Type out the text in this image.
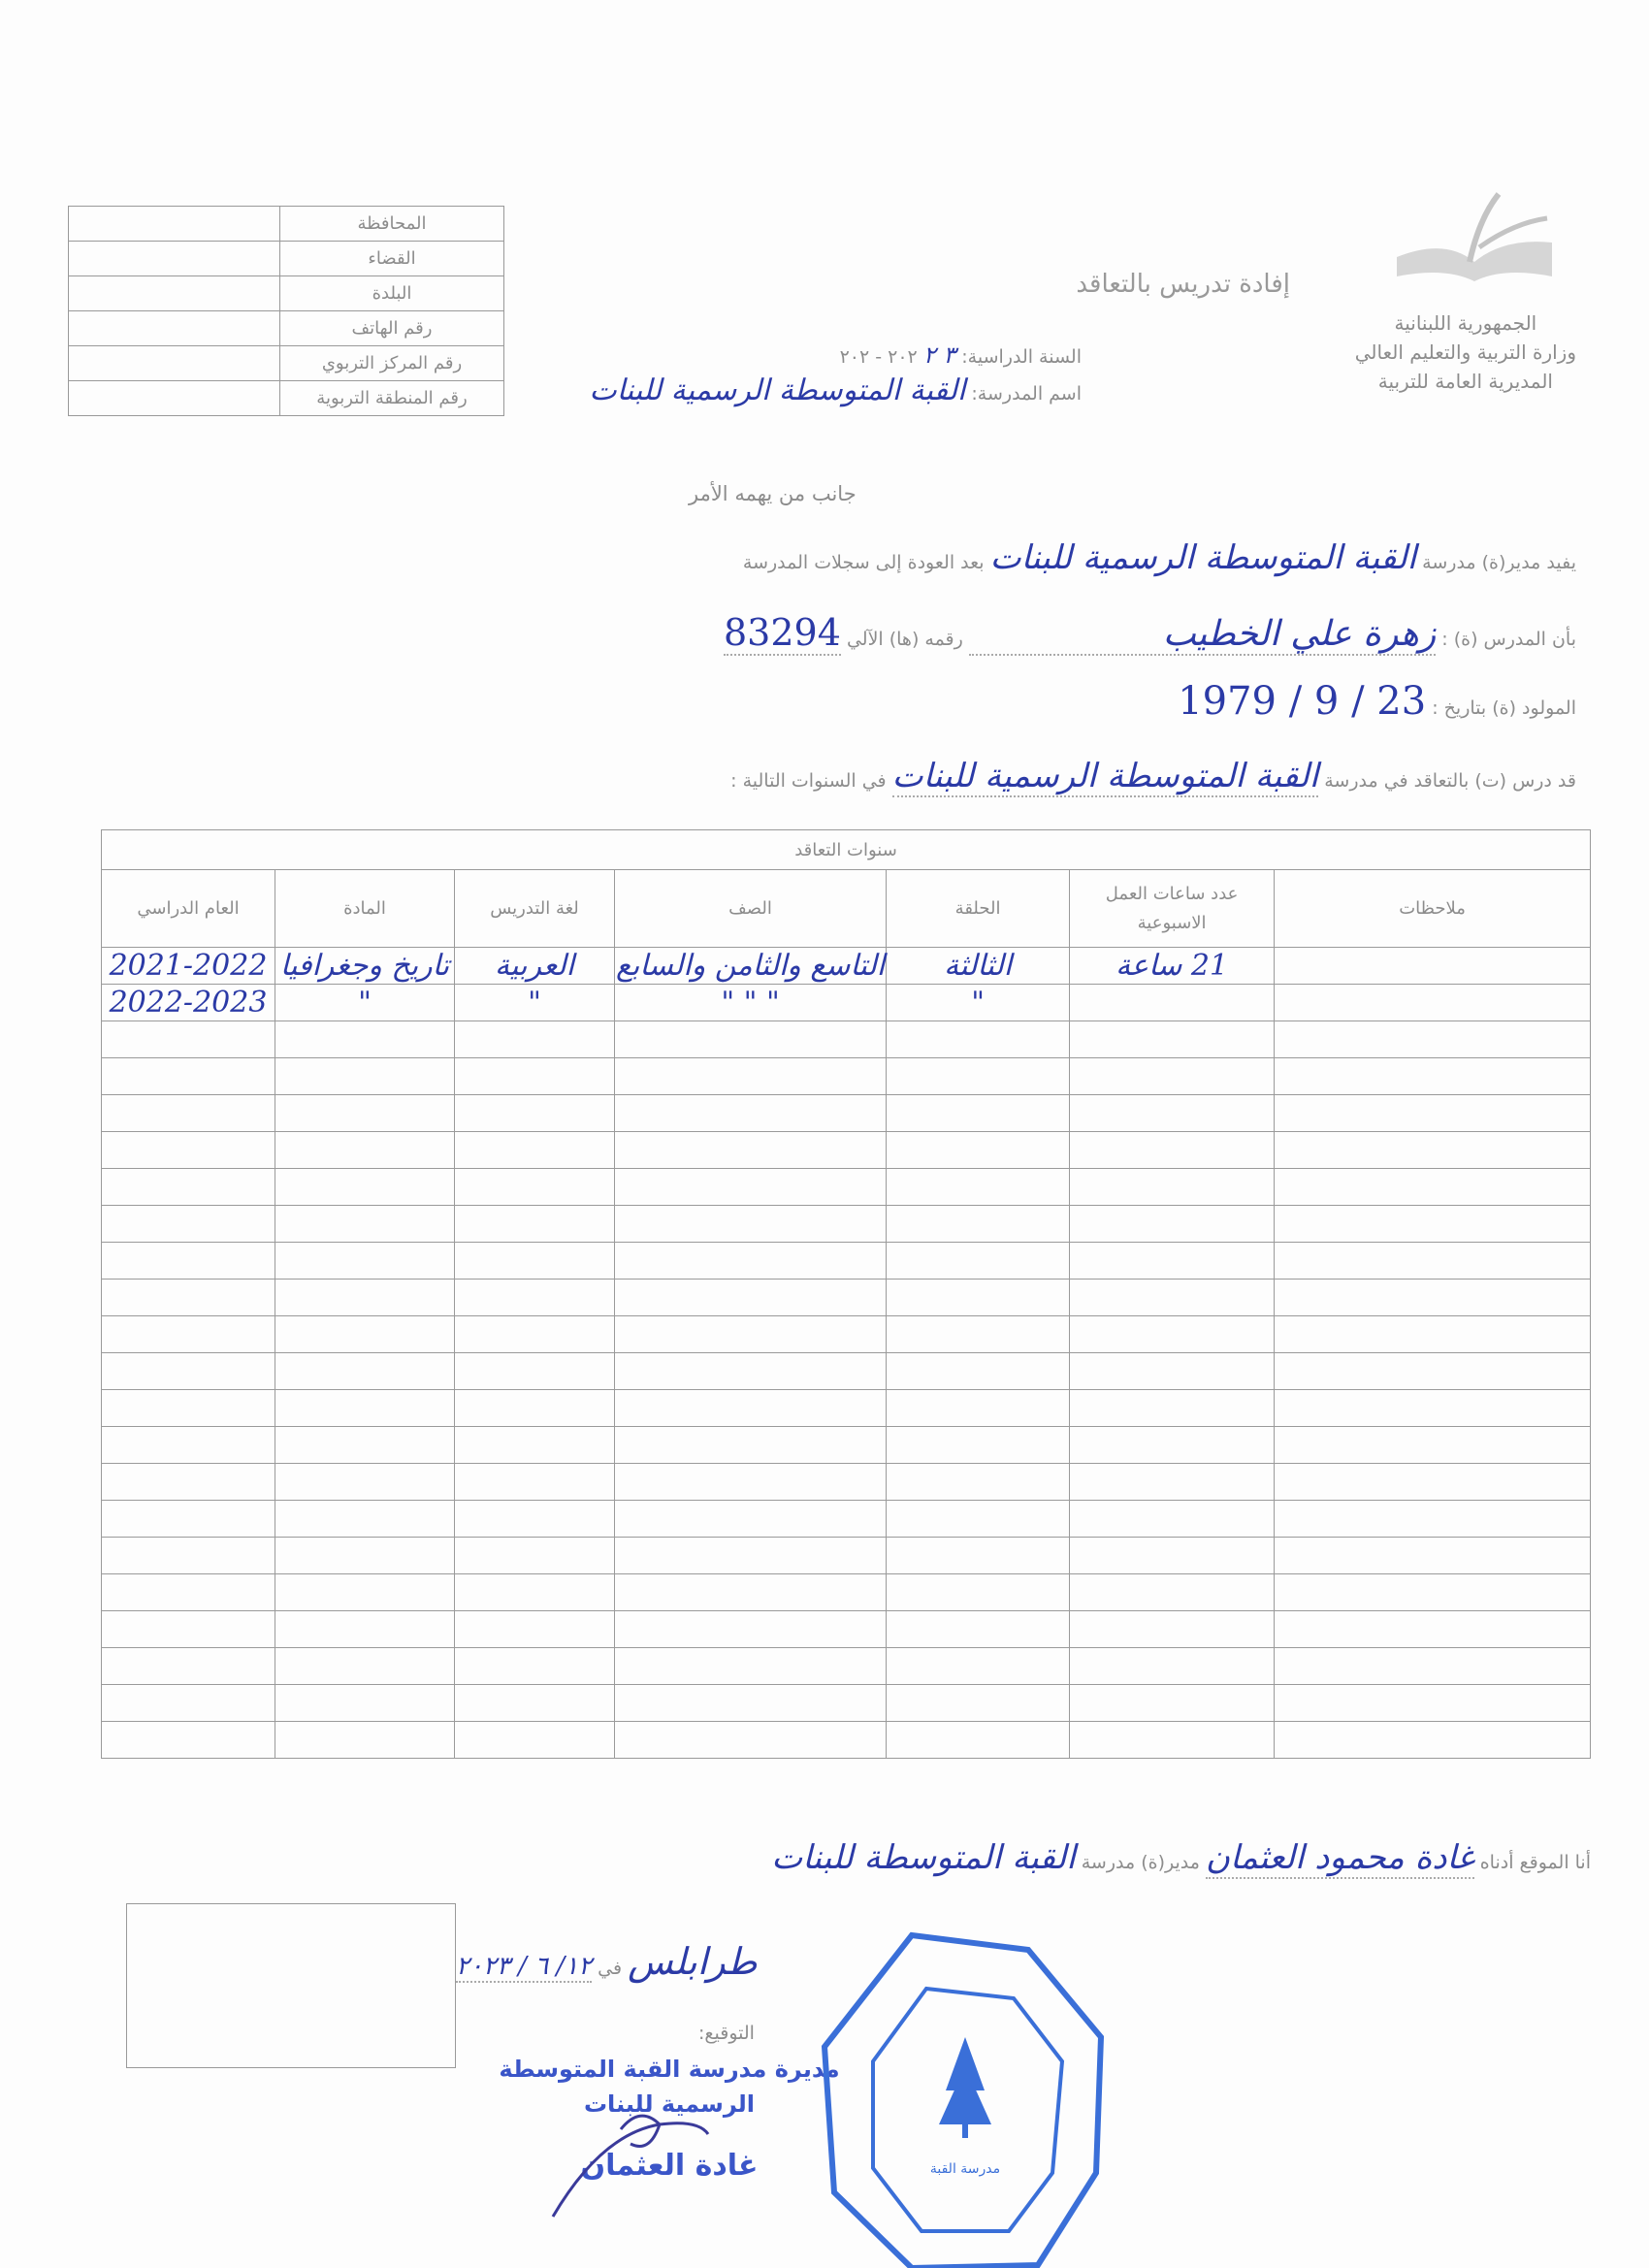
الجمهورية اللبنانية
وزارة التربية والتعليم العالي
المديرية العامة للتربية
إفادة تدريس بالتعاقد
السنة الدراسية: ٣ ٢ ٢٠٢ - ٢٠٢
اسم المدرسة: القبة المتوسطة الرسمية للبنات
	المحافظة
	القضاء
	البلدة
	رقم الهاتف
	رقم المركز التربوي
	رقم المنطقة التربوية
جانب من يهمه الأمر
يفيد مدير(ة) مدرسة القبة المتوسطة الرسمية للبنات بعد العودة إلى سجلات المدرسة
بأن المدرس (ة) : زهرة علي الخطيب رقمه (ها) الآلي 83294
المولود (ة) بتاريخ : 23 / 9 / 1979
قد درس (ت) بالتعاقد في مدرسة القبة المتوسطة الرسمية للبنات في السنوات التالية :
سنوات التعاقد						
العام الدراسي	المادة	لغة التدريس	الصف	الحلقة	عدد ساعات العمل الاسبوعية	ملاحظات
2021-2022	تاريخ وجغرافيا	العربية	التاسع والثامن والسابع	الثالثة	21 ساعة	
2022-2023	"	"	" " "	"		

أنا الموقع أدناه غادة محمود العثمان مدير(ة) مدرسة القبة المتوسطة للبنات
طرابلس في ١٢/ ٦ / ٢٠٢٣
التوقيع:
مديرة مدرسة القبة المتوسطة
الرسمية للبنات
غادة العثمان	مدرسة القبة
